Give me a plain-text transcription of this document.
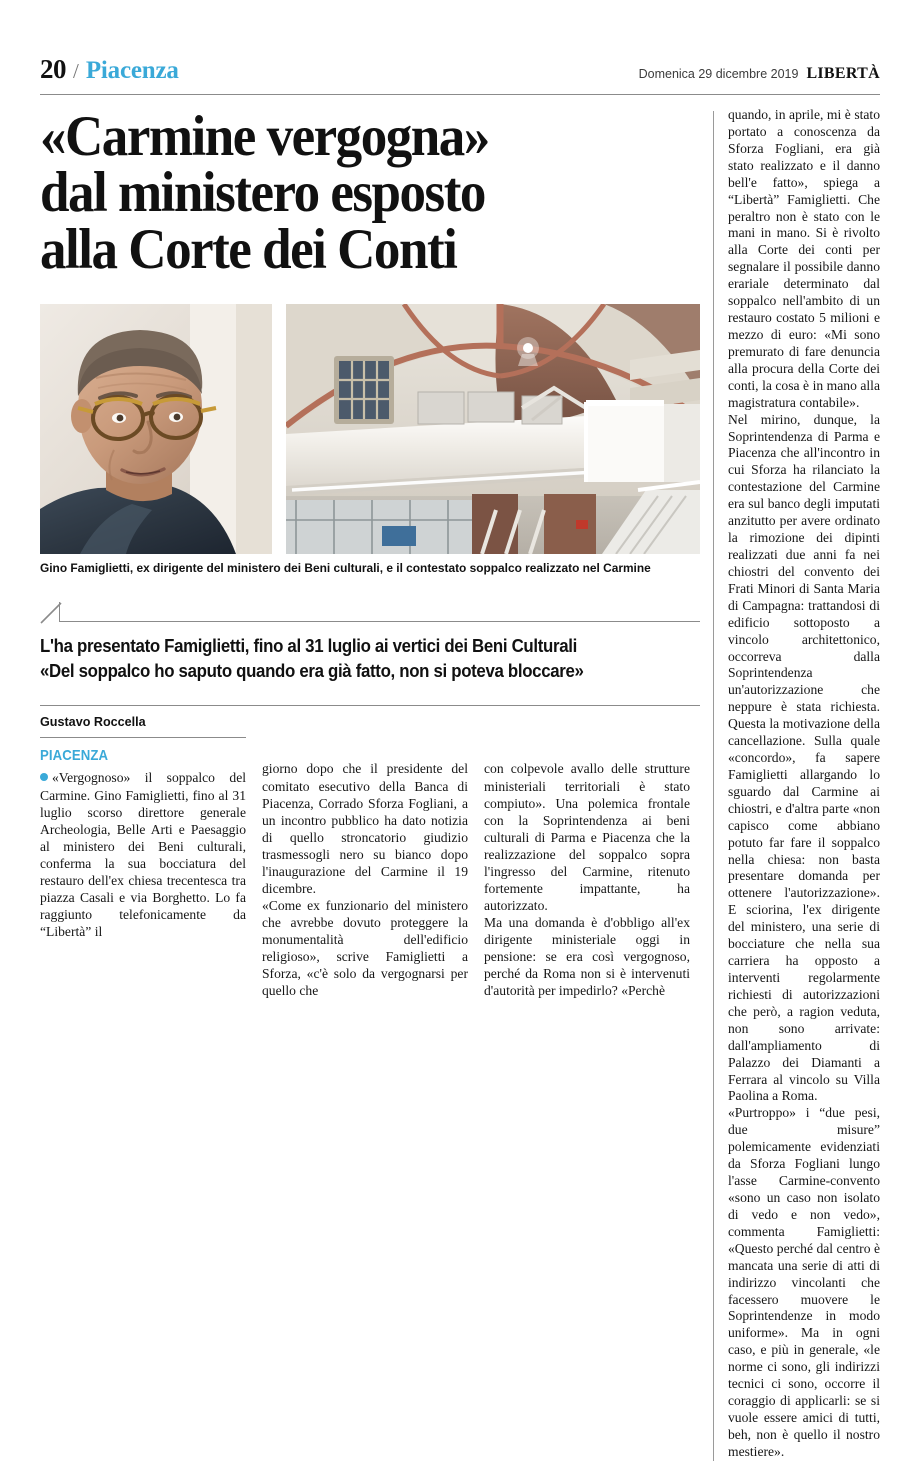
20 / Piacenza	Domenica 29 dicembre 2019 LIBERTÀ
«Carmine vergogna»
dal ministero esposto
alla Corte dei Conti
Gino Famiglietti, ex dirigente del ministero dei Beni culturali, e il contestato soppalco realizzato nel Carmine
L'ha presentato Famiglietti, fino al 31 luglio ai vertici dei Beni Culturali
«Del soppalco ho saputo quando era già fatto, non si poteva bloccare»
Gustavo Roccella
PIACENZA

«Vergognoso» il soppalco del Carmine. Gino Famiglietti, fino al 31 luglio scorso direttore generale Archeologia, Belle Arti e Paesaggio al ministero dei Beni culturali, conferma la sua bocciatura del restauro dell'ex chiesa trecentesca tra piazza Casali e via Borghetto. Lo fa raggiunto telefonicamente da “Libertà” il

giorno dopo che il presidente del comitato esecutivo della Banca di Piacenza, Corrado Sforza Fogliani, a un incontro pubblico ha dato notizia di quello stroncatorio giudizio trasmessogli nero su bianco dopo l'inaugurazione del Carmine il 19 dicembre.

«Come ex funzionario del ministero che avrebbe dovuto proteggere la monumentalità dell'edificio religioso», scrive Famiglietti a Sforza, «c'è solo da vergognarsi per quello che

con colpevole avallo delle strutture ministeriali territoriali è stato compiuto». Una polemica frontale con la Soprintendenza ai beni culturali di Parma e Piacenza che la realizzazione del soppalco sopra l'ingresso del Carmine, ritenuto fortemente impattante, ha autorizzato.

Ma una domanda è d'obbligo all'ex dirigente ministeriale oggi in pensione: se era così vergognoso, perché da Roma non si è intervenuti d'autorità per impedirlo? «Perchè

quando, in aprile, mi è stato portato a conoscenza da Sforza Fogliani, era già stato realizzato e il danno bell'e fatto», spiega a “Libertà” Famiglietti. Che peraltro non è stato con le mani in mano. Si è rivolto alla Corte dei conti per segnalare il possibile danno erariale determinato dal soppalco nell'ambito di un restauro costato 5 milioni e mezzo di euro: «Mi sono premurato di fare denuncia alla procura della Corte dei conti, la cosa è in mano alla magistratura contabile».

Nel mirino, dunque, la Soprintendenza di Parma e Piacenza che all'incontro in cui Sforza ha rilanciato la contestazione del Carmine era sul banco degli imputati anzitutto per avere ordinato la rimozione dei dipinti realizzati due anni fa nei chiostri del convento dei Frati Minori di Santa Maria di Campagna: trattandosi di edificio sottoposto a vincolo architettonico, occorreva dalla Soprintendenza un'autorizzazione che neppure è stata richiesta. Questa la motivazione della cancellazione. Sulla quale «concordo», fa sapere Famiglietti allargando lo sguardo dal Carmine ai chiostri, e d'altra parte «non capisco come abbiano potuto far fare il soppalco nella chiesa: non basta presentare domanda per ottenere l'autorizzazione». E sciorina, l'ex dirigente del ministero, una serie di bocciature che nella sua carriera ha opposto a interventi regolarmente richiesti di autorizzazioni che però, a ragion veduta, non sono arrivate: dall'ampliamento di Palazzo dei Diamanti a Ferrara al vincolo su Villa Paolina a Roma.

«Purtroppo» i “due pesi, due misure” polemicamente evidenziati da Sforza Fogliani lungo l'asse Carmine-convento «sono un caso non isolato di vedo e non vedo», commenta Famiglietti: «Questo perché dal centro è mancata una serie di atti di indirizzo vincolanti che facessero muovere le Soprintendenze in modo uniforme». Ma in ogni caso, e più in generale, «le norme ci sono, gli indirizzi tecnici ci sono, occorre il coraggio di applicarli: se si vuole essere amici di tutti, beh, non è quello il nostro mestiere».
